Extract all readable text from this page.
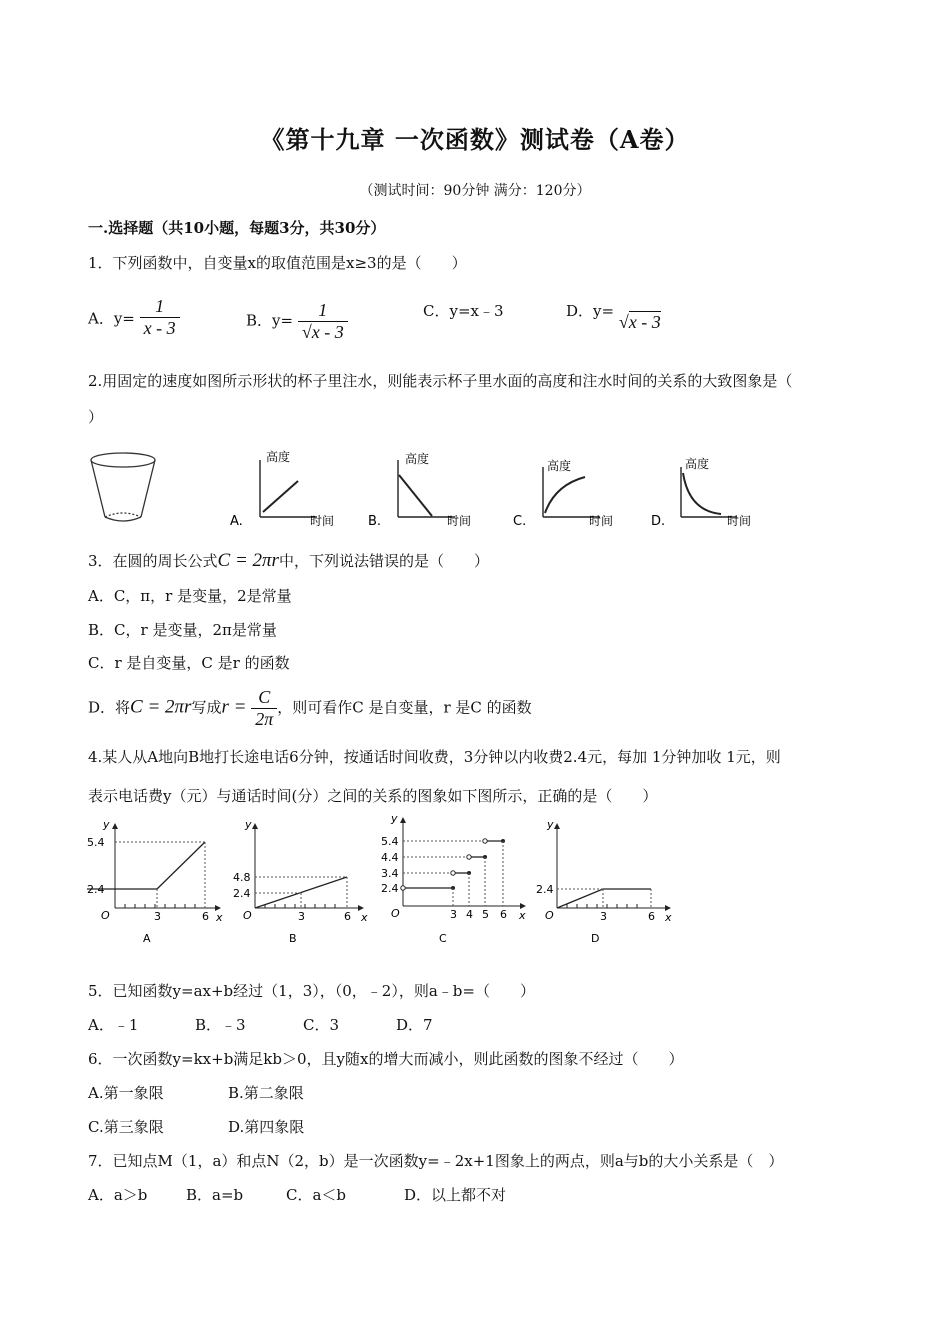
《第十九章 一次函数》测试卷（A卷）
（测试时间：90分钟 满分：120分）
一.选择题（共10小题，每题3分，共30分）
1．下列函数中，自变量x的取值范围是x≥3的是（　　）
A．$y= \frac{1}{x - 3}$	B．$y= \frac{1}{√x - 3}$	C．y=x﹣3	D．y= √x - 3
2.用固定的速度如图所示形状的杯子里注水，则能表示杯子里水面的高度和注水时间的关系的大致图象是（
）
高度
时间
A.
高度
时间
B.
高度
时间
C.
高度
时间
D.
3．在圆的周长公式C = 2πr中，下列说法错误的是（　　）
A．C，π，r 是变量，2是常量
B．C，r 是变量，2π是常量
C．r 是自变量，C 是r 的函数
D．将C = 2πr写成$r = \frac{C}{2\pi}$ ，则可看作C 是自变量，r 是C 的函数
4.某人从A地向B地打长途电话6分钟，按通话时间收费，3分钟以内收费2.4元，每加 1分钟加收 1元，则
表示电话费y（元）与通话时间(分）之间的关系的图象如下图所示，正确的是（　　）
5.4
2.4
3	6
O
y
x
A
4.8
2.4
3	6
O
y
x
B
5.4
4.4
3.4
2.4
3 4 5 6
O
y
x
C
2.4
3	6
O
y
x
D
5．已知函数y=ax+b经过（1，3），（0，﹣2），则a﹣b=（　　）
A．﹣1	B．﹣3	C．3	D．7
6．一次函数y=kx+b满足kb＞0，且y随x的增大而减小，则此函数的图象不经过（　　）
A.第一象限	B.第二象限
C.第三象限	D.第四象限
7．已知点M（1，a）和点N（2，b）是一次函数y=﹣2x+1图象上的两点，则a与b的大小关系是（　）
A．a＞b	B．a=b	C．a＜b	D．以上都不对
